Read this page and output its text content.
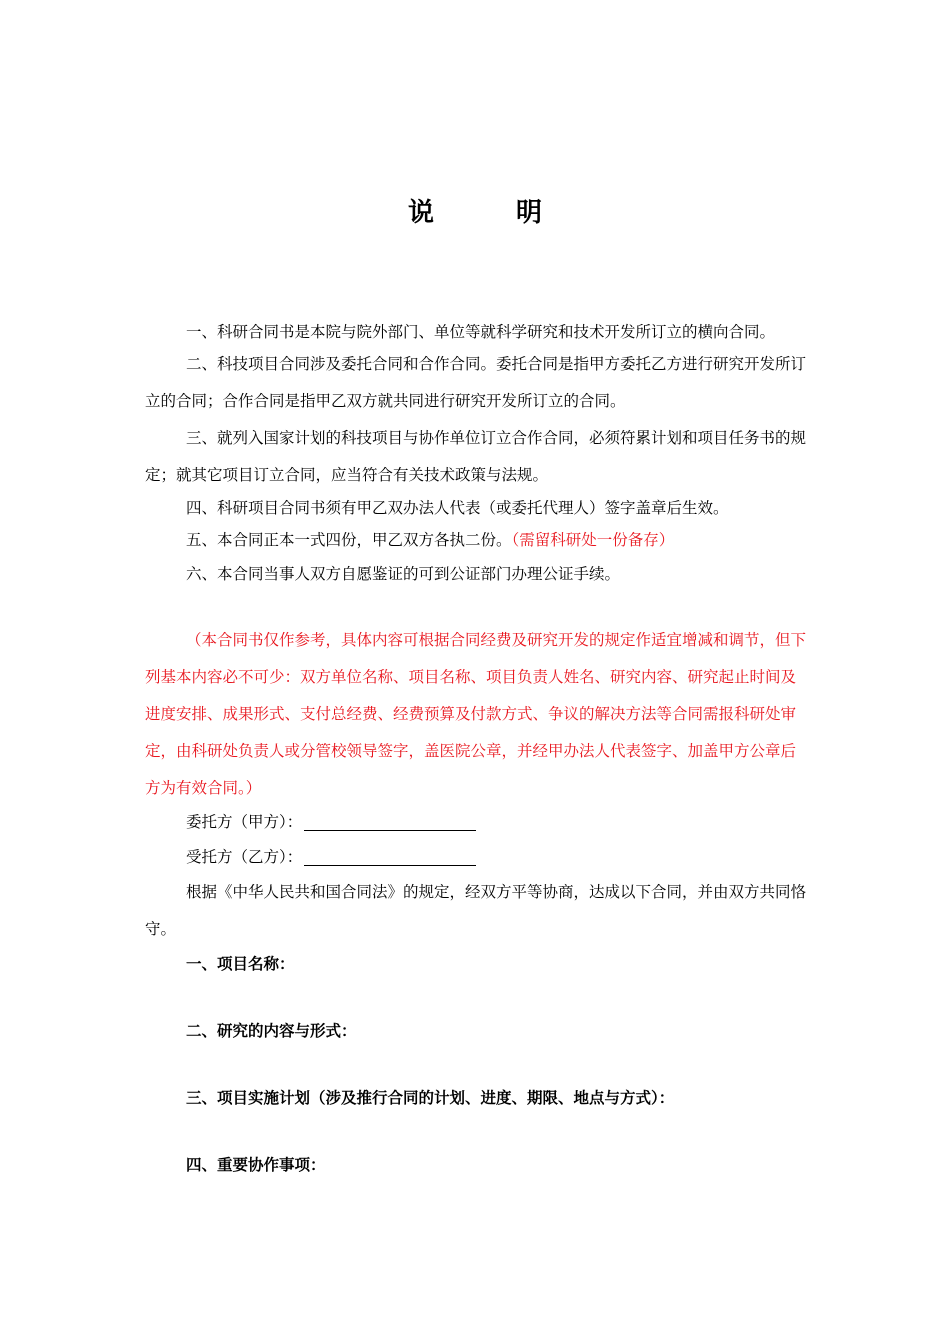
说　明

一、科研合同书是本院与院外部门、单位等就科学研究和技术开发所订立的横向合同。

二、科技项目合同涉及委托合同和合作合同。委托合同是指甲方委托乙方进行研究开发所订立的合同；合作合同是指甲乙双方就共同进行研究开发所订立的合同。

三、就列入国家计划的科技项目与协作单位订立合作合同，必须符累计划和项目任务书的规定；就其它项目订立合同，应当符合有关技术政策与法规。

四、科研项目合同书须有甲乙双办法人代表（或委托代理人）签字盖章后生效。

五、本合同正本一式四份，甲乙双方各执二份。（需留科研处一份备存）

六、本合同当事人双方自愿鉴证的可到公证部门办理公证手续。

（本合同书仅作参考，具体内容可根据合同经费及研究开发的规定作适宜增减和调节，但下列基本内容必不可少：双方单位名称、项目名称、项目负责人姓名、研究内容、研究起止时间及进度安排、成果形式、支付总经费、经费预算及付款方式、争议的解决方法等合同需报科研处审定，由科研处负责人或分管校领导签字，盖医院公章，并经甲办法人代表签字、加盖甲方公章后方为有效合同。）

委托方（甲方）：

受托方（乙方）：

根据《中华人民共和国合同法》的规定，经双方平等协商，达成以下合同，并由双方共同恪守。

一、项目名称：

二、研究的内容与形式：

三、项目实施计划（涉及推行合同的计划、进度、期限、地点与方式）：

四、重要协作事项：
